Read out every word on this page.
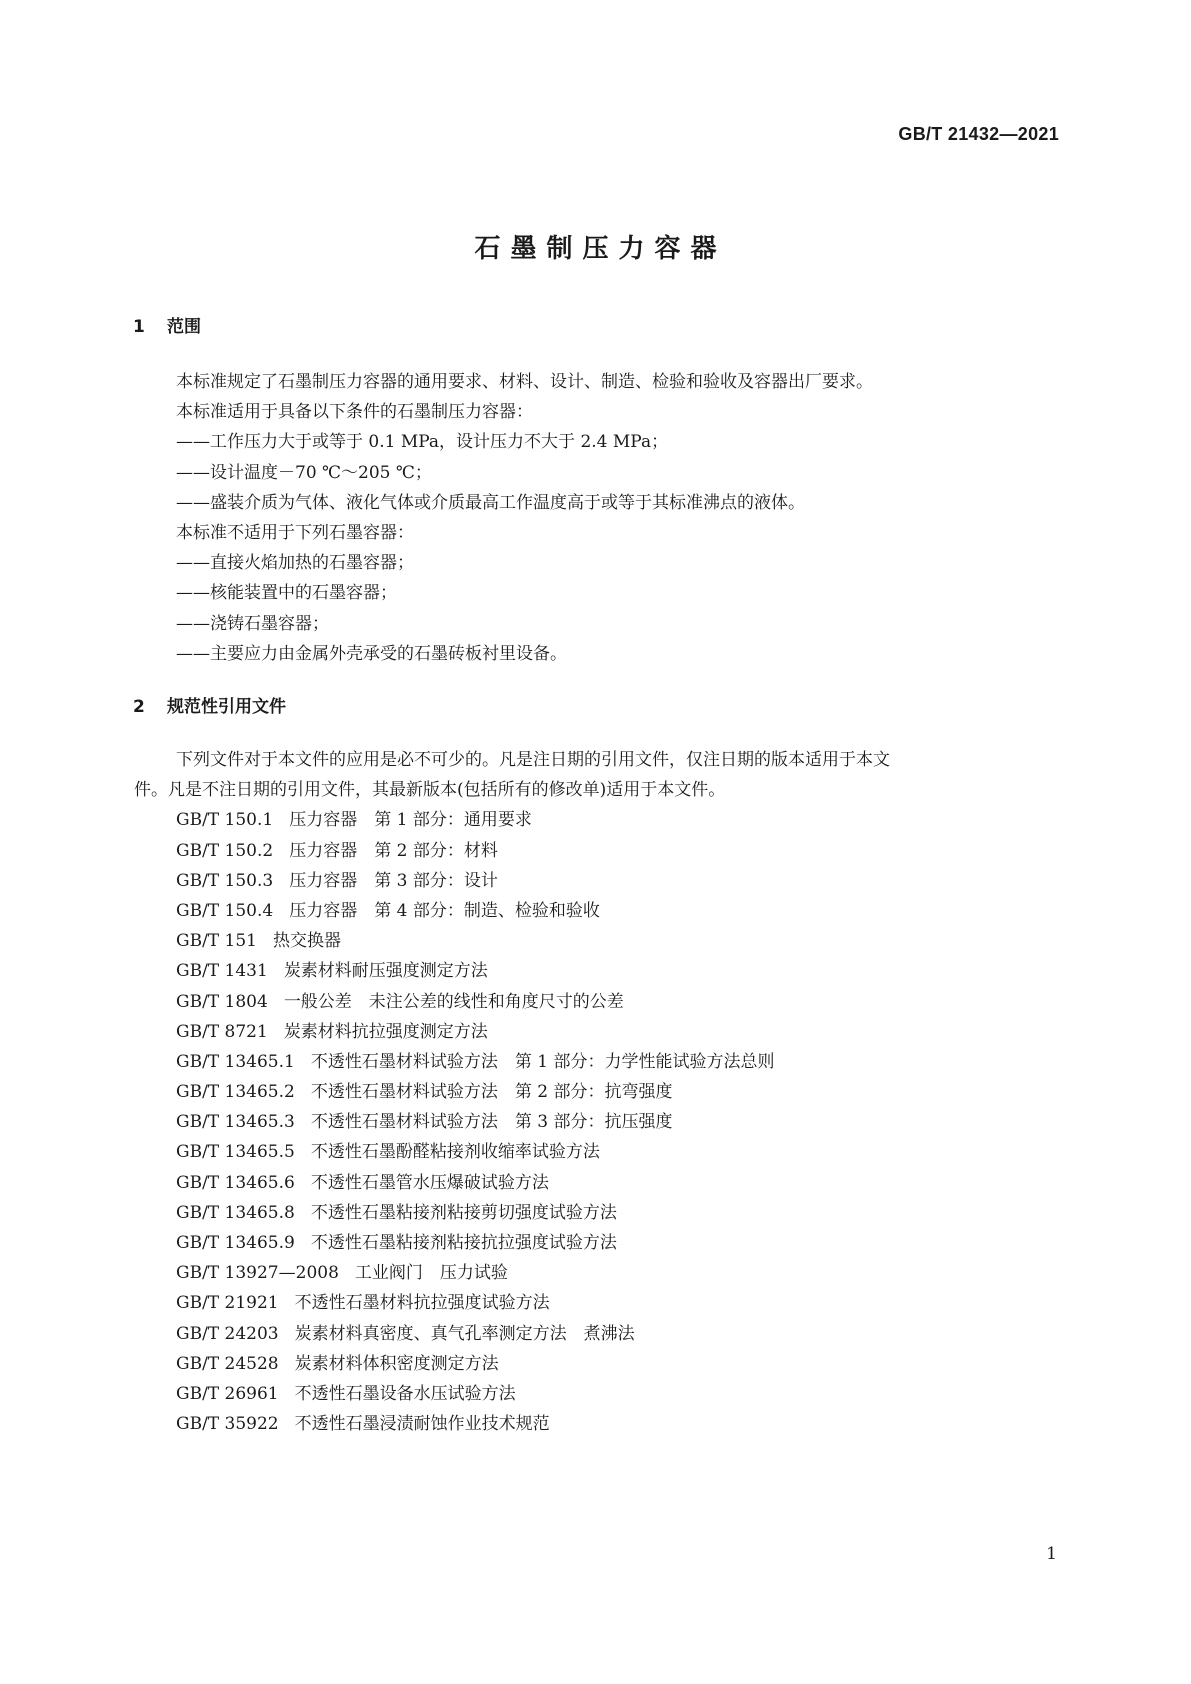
GB/T 21432—2021
石墨制压力容器
1 范围
本标准规定了石墨制压力容器的通用要求、材料、设计、制造、检验和验收及容器出厂要求。
本标准适用于具备以下条件的石墨制压力容器：
——工作压力大于或等于 0.1 MPa，设计压力不大于 2.4 MPa；
——设计温度－70 ℃～205 ℃；
——盛装介质为气体、液化气体或介质最高工作温度高于或等于其标准沸点的液体。
本标准不适用于下列石墨容器：
——直接火焰加热的石墨容器；
——核能装置中的石墨容器；
——浇铸石墨容器；
——主要应力由金属外壳承受的石墨砖板衬里设备。
2 规范性引用文件
下列文件对于本文件的应用是必不可少的。凡是注日期的引用文件，仅注日期的版本适用于本文
件。凡是不注日期的引用文件，其最新版本(包括所有的修改单)适用于本文件。
GB/T 150.1 压力容器　第 1 部分：通用要求
GB/T 150.2 压力容器　第 2 部分：材料
GB/T 150.3 压力容器　第 3 部分：设计
GB/T 150.4 压力容器　第 4 部分：制造、检验和验收
GB/T 151 热交换器
GB/T 1431 炭素材料耐压强度测定方法
GB/T 1804 一般公差　未注公差的线性和角度尺寸的公差
GB/T 8721 炭素材料抗拉强度测定方法
GB/T 13465.1 不透性石墨材料试验方法　第 1 部分：力学性能试验方法总则
GB/T 13465.2 不透性石墨材料试验方法　第 2 部分：抗弯强度
GB/T 13465.3 不透性石墨材料试验方法　第 3 部分：抗压强度
GB/T 13465.5 不透性石墨酚醛粘接剂收缩率试验方法
GB/T 13465.6 不透性石墨管水压爆破试验方法
GB/T 13465.8 不透性石墨粘接剂粘接剪切强度试验方法
GB/T 13465.9 不透性石墨粘接剂粘接抗拉强度试验方法
GB/T 13927—2008 工业阀门　压力试验
GB/T 21921 不透性石墨材料抗拉强度试验方法
GB/T 24203 炭素材料真密度、真气孔率测定方法　煮沸法
GB/T 24528 炭素材料体积密度测定方法
GB/T 26961 不透性石墨设备水压试验方法
GB/T 35922 不透性石墨浸渍耐蚀作业技术规范
1
